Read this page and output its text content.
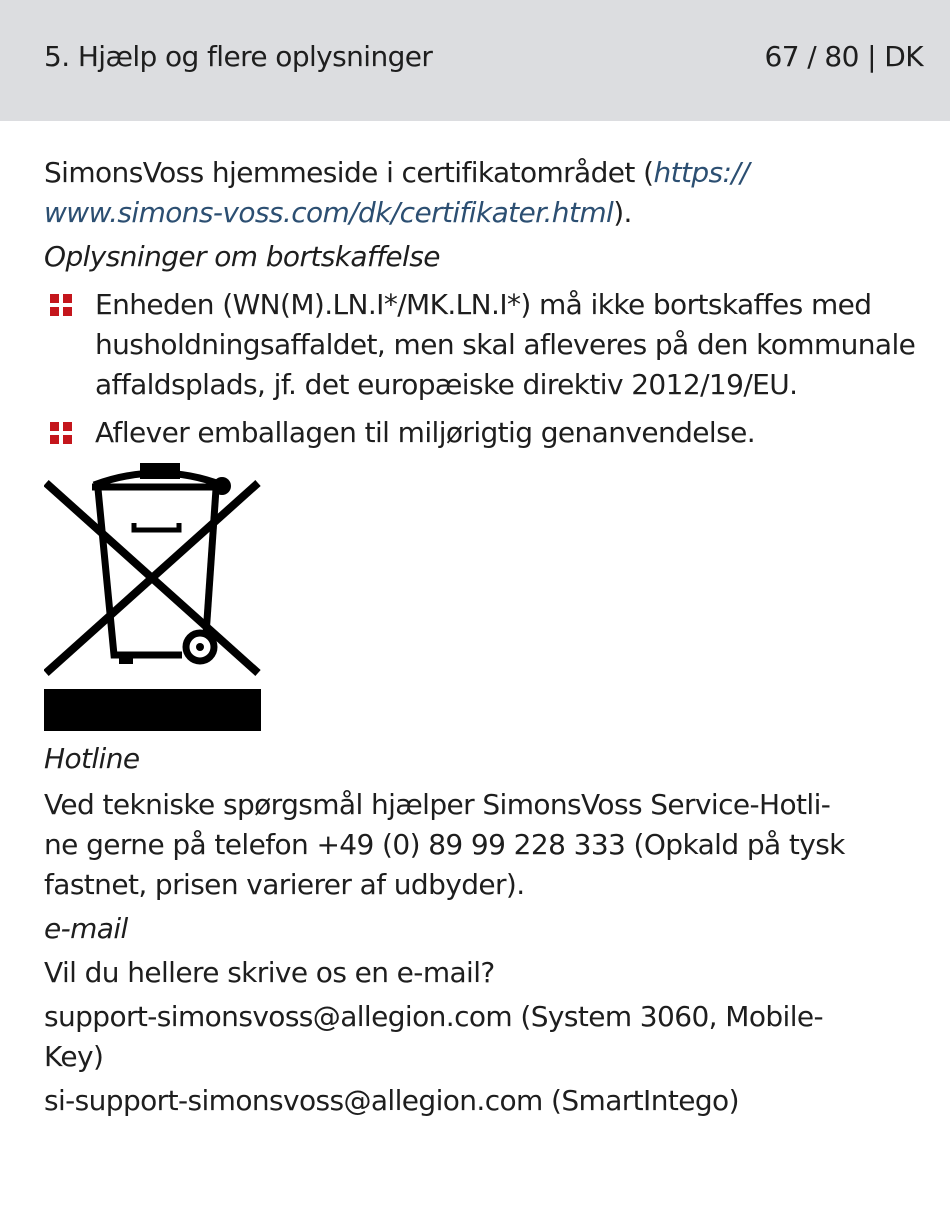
5. Hjælp og flere oplysninger	67 / 80 | DK

SimonsVoss hjemmeside i certifikatområdet (https://
www.simons-voss.com/dk/certifikater.html).

Oplysninger om bortskaffelse

Enheden (WN(M).LN.I*/MK.LN.I*) må ikke bortskaffes med husholdningsaffaldet, men skal afleveres på den kommunale affaldsplads, jf. det europæiske direktiv 2012/19/EU.
Aflever emballagen til miljørigtig genanvendelse.

Hotline

Ved tekniske spørgsmål hjælper SimonsVoss Service-Hotli-
ne gerne på telefon +49 (0) 89 99 228 333 (Opkald på tysk
fastnet, prisen varierer af udbyder).

e-mail

Vil du hellere skrive os en e-mail?

support-simonsvoss@allegion.com (System 3060, Mobile-
Key)

si-support-simonsvoss@allegion.com (SmartIntego)
